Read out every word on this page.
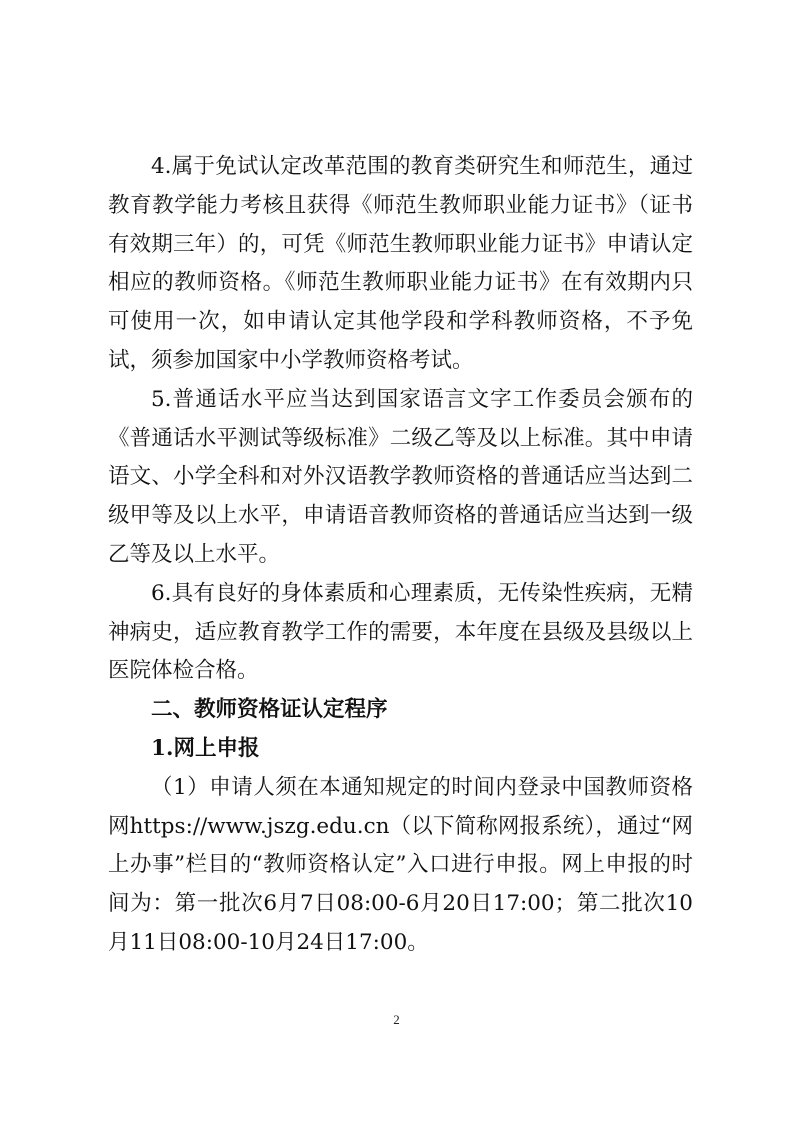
4.属于免试认定改革范围的教育类研究生和师范生，通过教育教学能力考核且获得《师范生教师职业能力证书》（证书有效期三年）的，可凭《师范生教师职业能力证书》申请认定相应的教师资格。《师范生教师职业能力证书》在有效期内只可使用一次，如申请认定其他学段和学科教师资格，不予免试，须参加国家中小学教师资格考试。

5.普通话水平应当达到国家语言文字工作委员会颁布的《普通话水平测试等级标准》二级乙等及以上标准。其中申请语文、小学全科和对外汉语教学教师资格的普通话应当达到二级甲等及以上水平，申请语音教师资格的普通话应当达到一级乙等及以上水平。

6.具有良好的身体素质和心理素质，无传染性疾病，无精神病史，适应教育教学工作的需要，本年度在县级及县级以上医院体检合格。

二、教师资格证认定程序

1.网上申报

（1）申请人须在本通知规定的时间内登录中国教师资格网https://www.jszg.edu.cn（以下简称网报系统），通过“网上办事”栏目的“教师资格认定”入口进行申报。网上申报的时间为：第一批次6月7日08:00-6月20日17:00；第二批次10月11日08:00-10月24日17:00。

2
